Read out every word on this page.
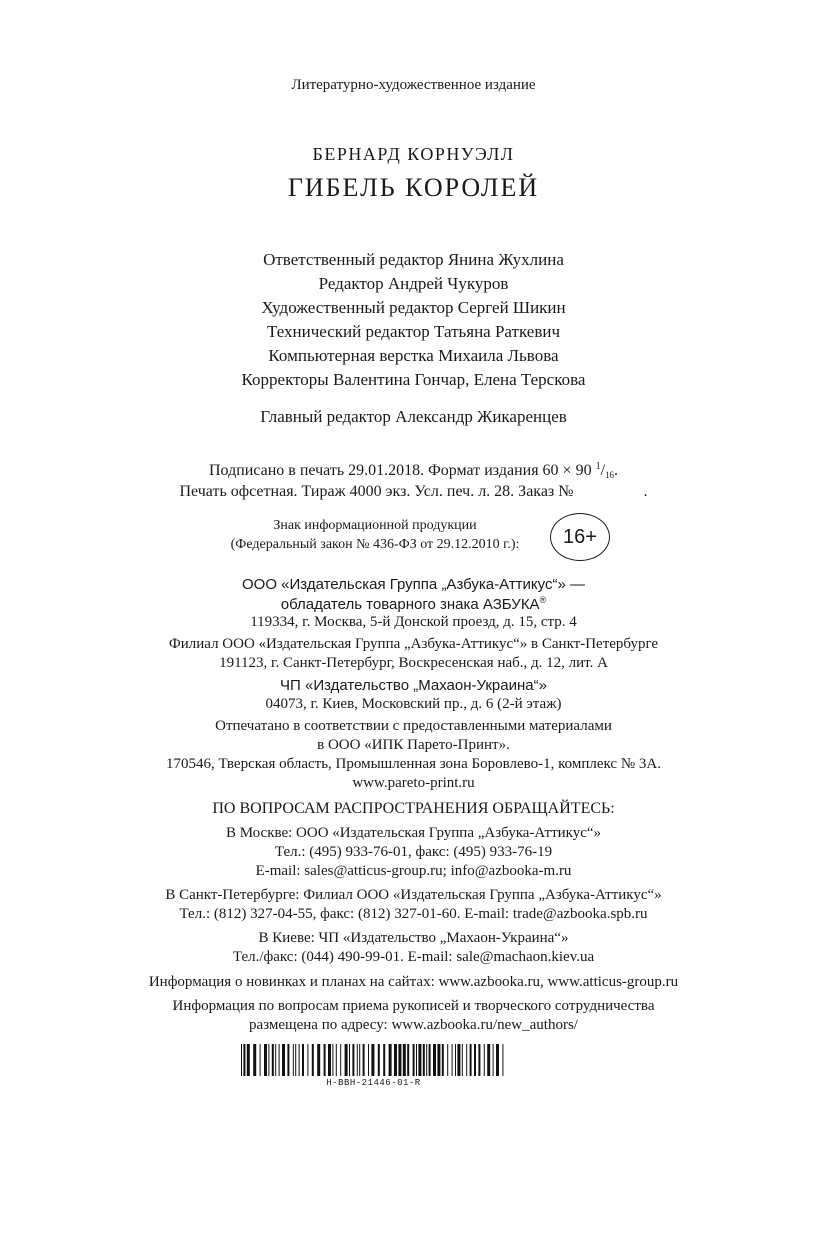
Литературно-художественное издание
БЕРНАРД КОРНУЭЛЛ
ГИБЕЛЬ КОРОЛЕЙ
Ответственный редактор Янина Жухлина
Редактор Андрей Чукуров
Художественный редактор Сергей Шикин
Технический редактор Татьяна Раткевич
Компьютерная верстка Михаила Львова
Корректоры Валентина Гончар, Елена Терскова
Главный редактор Александр Жикаренцев
Подписано в печать 29.01.2018. Формат издания 60 × 90 $^1/_{16}$.
Печать офсетная. Тираж 4000 экз. Усл. печ. л. 28. Заказ №	.
Знак информационной продукции
(Федеральный закон № 436-ФЗ от 29.12.2010 г.):	16+
ООО «Издательская Группа „Азбука-Аттикус“» —
обладатель товарного знака АЗБУКА®
119334, г. Москва, 5-й Донской проезд, д. 15, стр. 4
Филиал ООО «Издательская Группа „Азбука-Аттикус“» в Санкт-Петербурге
191123, г. Санкт-Петербург, Воскресенская наб., д. 12, лит. А
ЧП «Издательство „Махаон-Украина“»
04073, г. Киев, Московский пр., д. 6 (2-й этаж)
Отпечатано в соответствии с предоставленными материалами
в ООО «ИПК Парето-Принт».
170546, Тверская область, Промышленная зона Боровлево-1, комплекс № 3А.
www.pareto-print.ru
ПО ВОПРОСАМ РАСПРОСТРАНЕНИЯ ОБРАЩАЙТЕСЬ:
В Москве: ООО «Издательская Группа „Азбука-Аттикус“»
Тел.: (495) 933-76-01, факс: (495) 933-76-19
E-mail: sales@atticus-group.ru; info@azbooka-m.ru
В Санкт-Петербурге: Филиал ООО «Издательская Группа „Азбука-Аттикус“»
Тел.: (812) 327-04-55, факс: (812) 327-01-60. E-mail: trade@azbooka.spb.ru
В Киеве: ЧП «Издательство „Махаон-Украина“»
Тел./факс: (044) 490-99-01. E-mail: sale@machaon.kiev.ua
Информация о новинках и планах на сайтах: www.azbooka.ru, www.atticus-group.ru
Информация по вопросам приема рукописей и творческого сотрудничества
размещена по адресу: www.azbooka.ru/new_authors/
Н-ВВН-21446-01-R
